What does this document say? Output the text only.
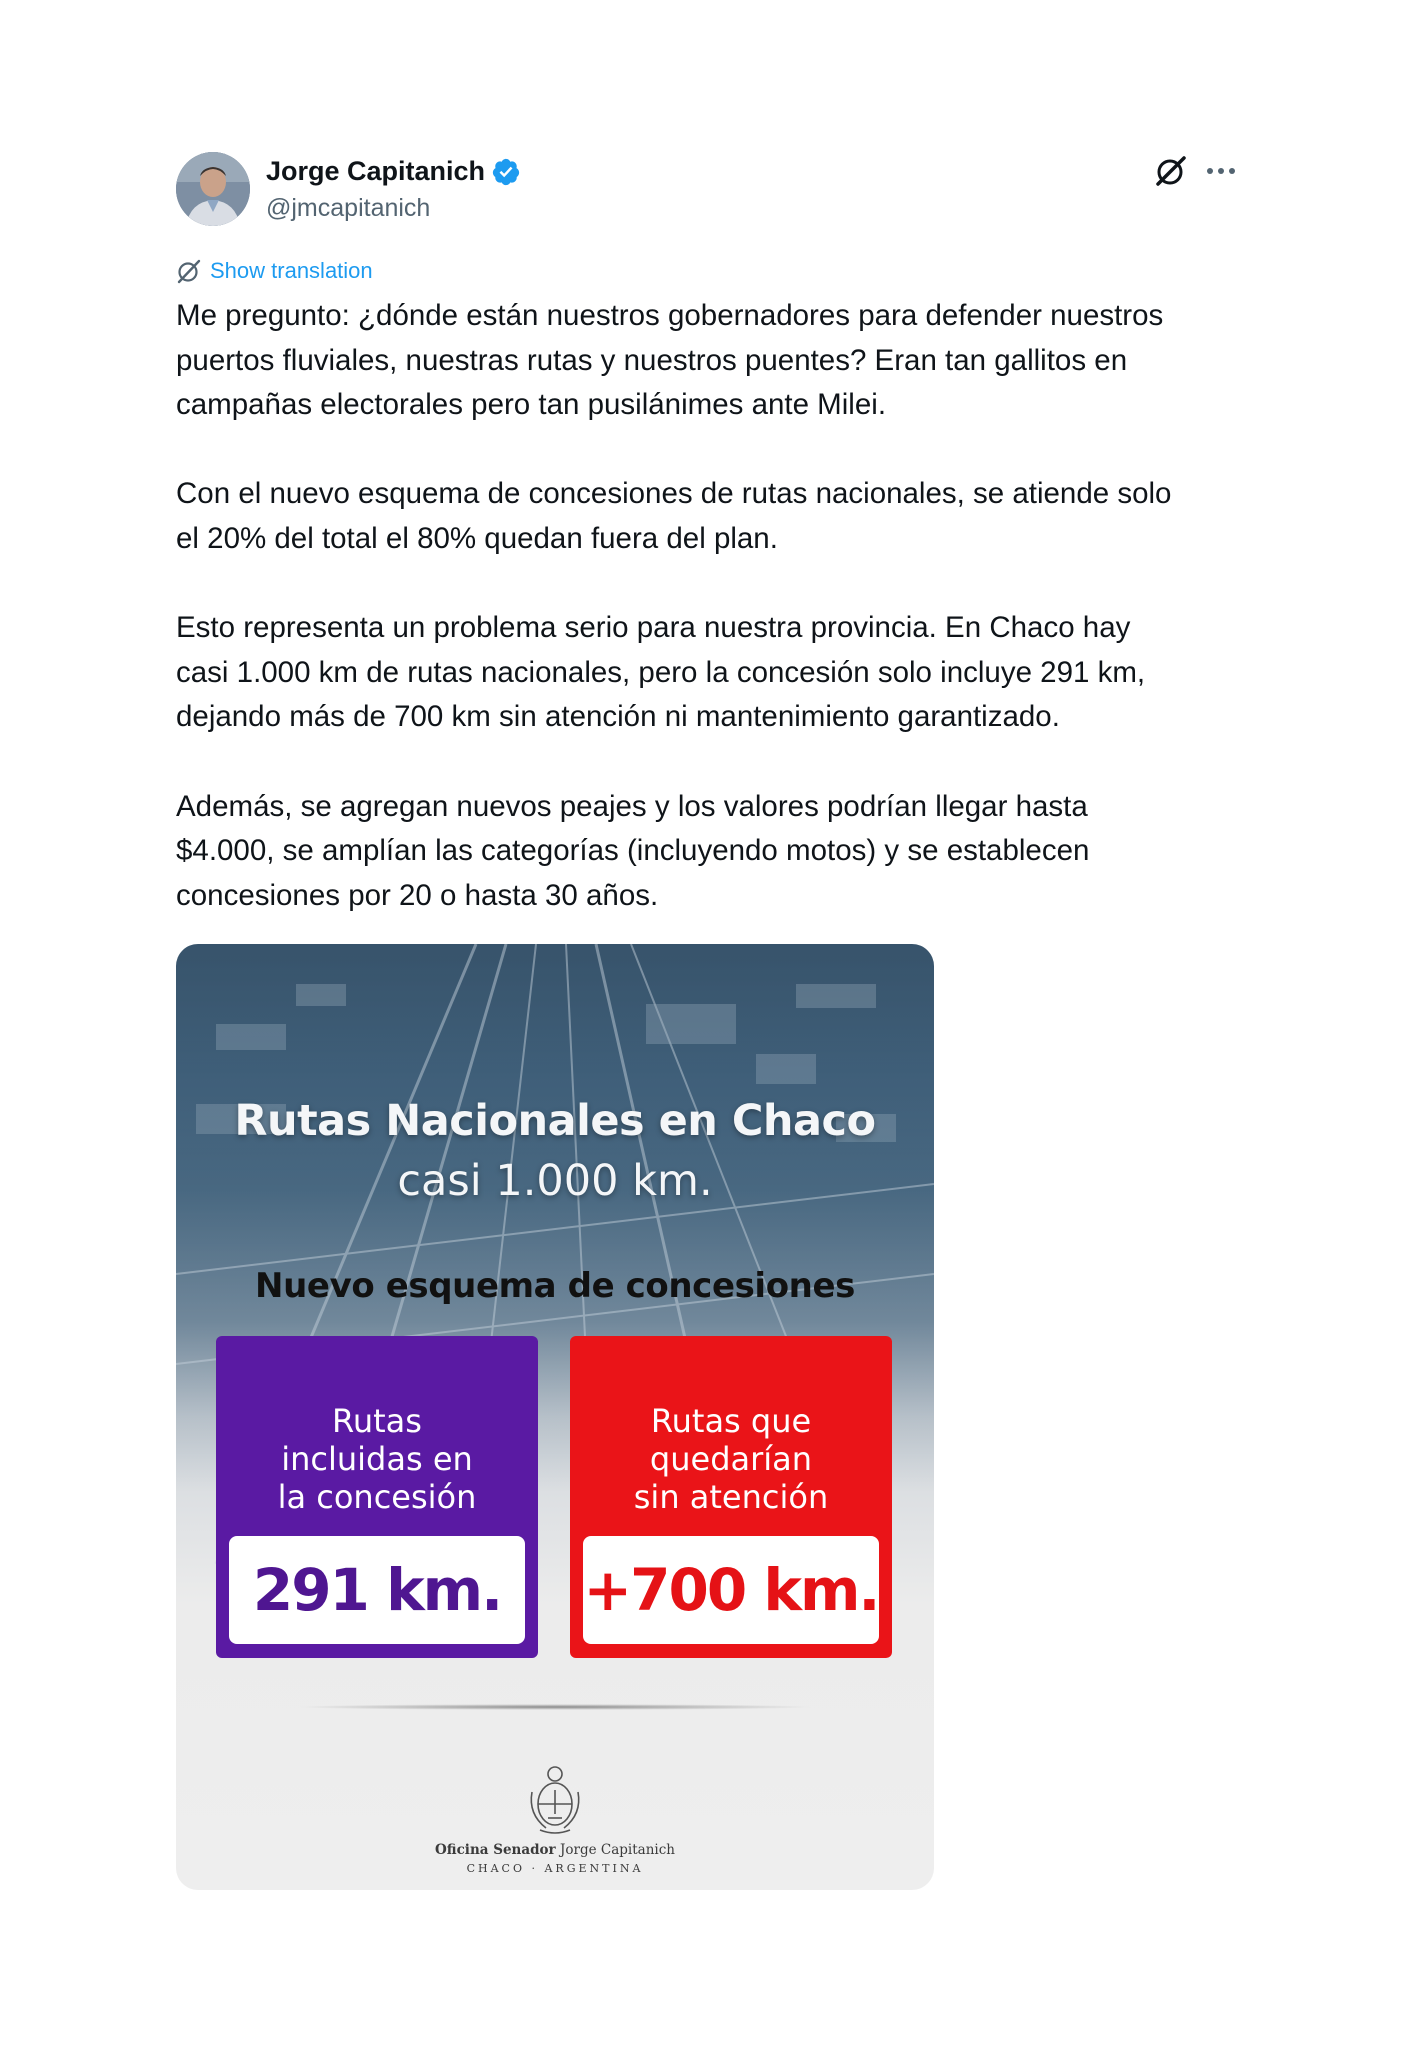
Jorge Capitanich
@jmcapitanich
Show translation

Me pregunto: ¿dónde están nuestros gobernadores para defender nuestros
puertos fluviales, nuestras rutas y nuestros puentes? Eran tan gallitos en
campañas electorales pero tan pusilánimes ante Milei.

Con el nuevo esquema de concesiones de rutas nacionales, se atiende solo
el 20% del total el 80% quedan fuera del plan.

Esto representa un problema serio para nuestra provincia. En Chaco hay
casi 1.000 km de rutas nacionales, pero la concesión solo incluye 291 km,
dejando más de 700 km sin atención ni mantenimiento garantizado.

Además, se agregan nuevos peajes y los valores podrían llegar hasta
$4.000, se amplían las categorías (incluyendo motos) y se establecen
concesiones por 20 o hasta 30 años.

Rutas Nacionales en Chaco
casi 1.000 km.
Nuevo esquema de concesiones
Rutas
incluidas en
la concesión
291 km.
Rutas que
quedarían
sin atención
+700 km.
Oficina Senador Jorge Capitanich
CHACO · ARGENTINA
